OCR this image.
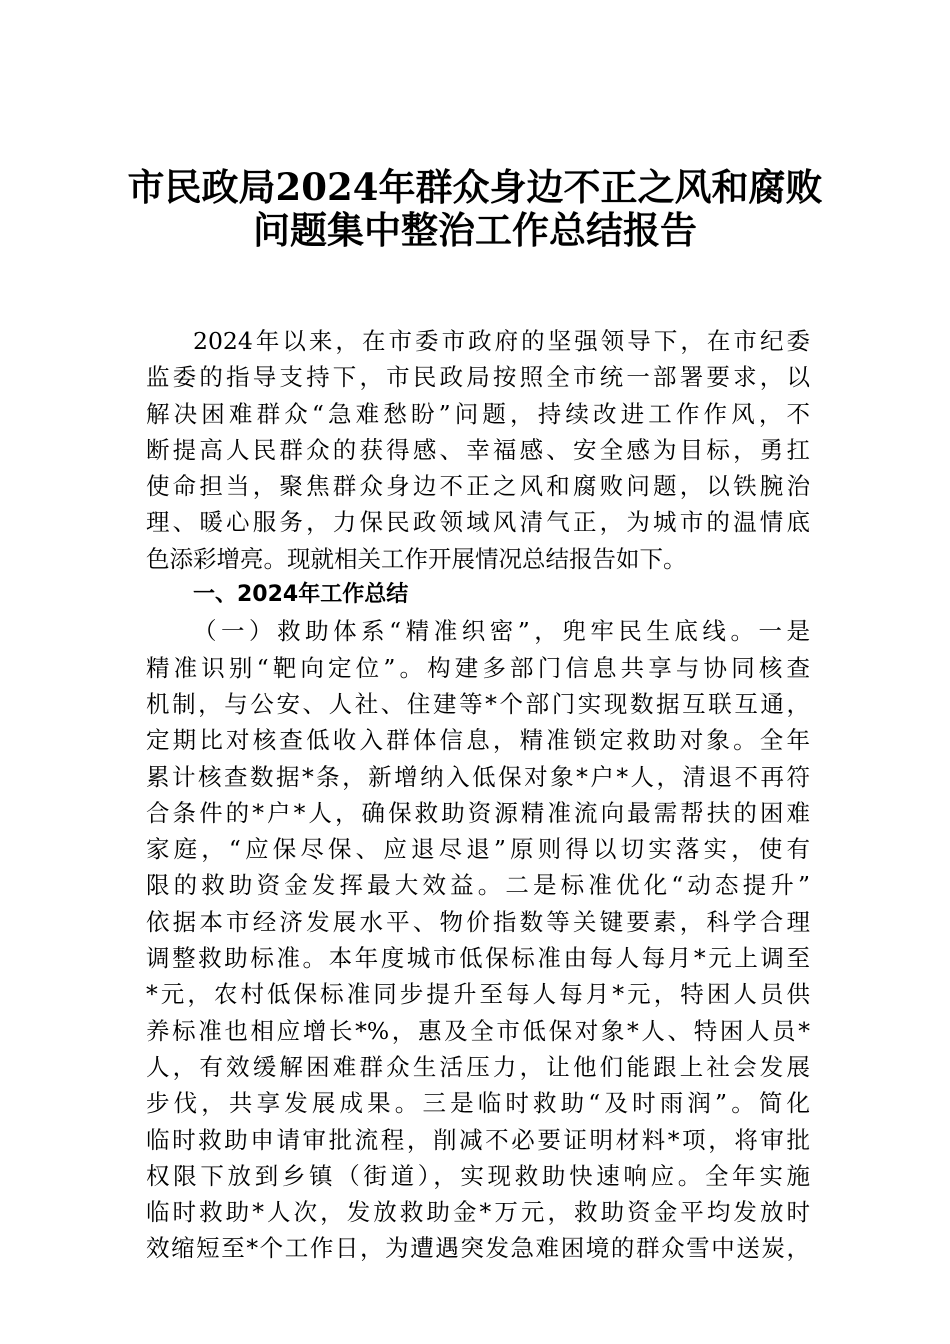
市民政局2024年群众身边不正之风和腐败
问题集中整治工作总结报告
2024年以来，在市委市政府的坚强领导下，在市纪委
监委的指导支持下，市民政局按照全市统一部署要求，以
解决困难群众“急难愁盼”问题，持续改进工作作风，不
断提高人民群众的获得感、幸福感、安全感为目标，勇扛
使命担当，聚焦群众身边不正之风和腐败问题，以铁腕治
理、暖心服务，力保民政领域风清气正，为城市的温情底
色添彩增亮。现就相关工作开展情况总结报告如下。
一、2024年工作总结
（一）救助体系“精准织密”，兜牢民生底线。一是
精准识别“靶向定位”。构建多部门信息共享与协同核查
机制，与公安、人社、住建等*个部门实现数据互联互通，
定期比对核查低收入群体信息，精准锁定救助对象。全年
累计核查数据*条，新增纳入低保对象*户*人，清退不再符
合条件的*户*人，确保救助资源精准流向最需帮扶的困难
家庭，“应保尽保、应退尽退”原则得以切实落实，使有
限的救助资金发挥最大效益。二是标准优化“动态提升”
依据本市经济发展水平、物价指数等关键要素，科学合理
调整救助标准。本年度城市低保标准由每人每月*元上调至
*元，农村低保标准同步提升至每人每月*元，特困人员供
养标准也相应增长*%，惠及全市低保对象*人、特困人员*
人，有效缓解困难群众生活压力，让他们能跟上社会发展
步伐，共享发展成果。三是临时救助“及时雨润”。简化
临时救助申请审批流程，削减不必要证明材料*项，将审批
权限下放到乡镇（街道），实现救助快速响应。全年实施
临时救助*人次，发放救助金*万元，救助资金平均发放时
效缩短至*个工作日，为遭遇突发急难困境的群众雪中送炭，
